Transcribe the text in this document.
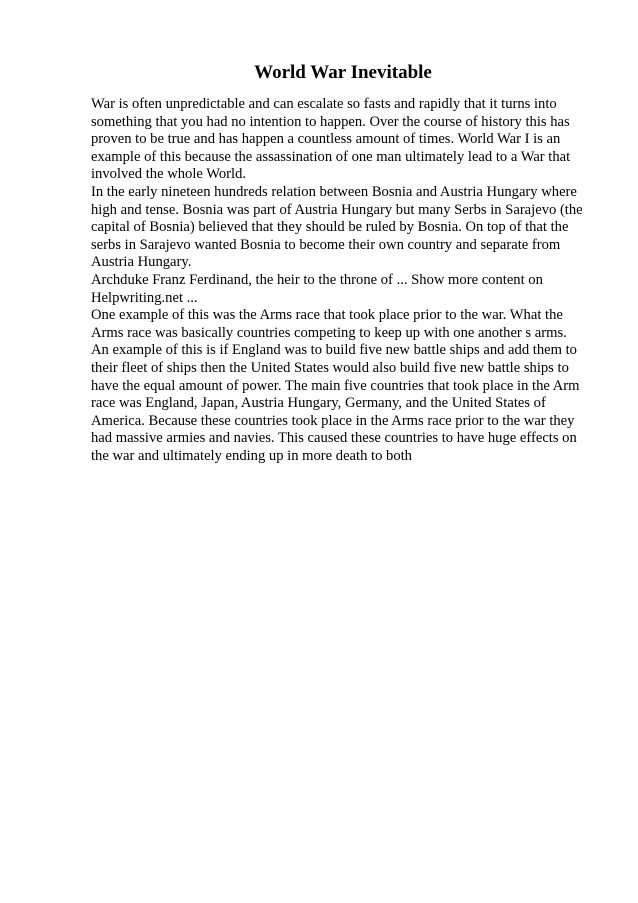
World War Inevitable
War is often unpredictable and can escalate so fasts and rapidly that it turns into
something that you had no intention to happen. Over the course of history this has
proven to be true and has happen a countless amount of times. World War I is an
example of this because the assassination of one man ultimately lead to a War that
involved the whole World.
In the early nineteen hundreds relation between Bosnia and Austria Hungary where
high and tense. Bosnia was part of Austria Hungary but many Serbs in Sarajevo (the
capital of Bosnia) believed that they should be ruled by Bosnia. On top of that the
serbs in Sarajevo wanted Bosnia to become their own country and separate from
Austria Hungary.
Archduke Franz Ferdinand, the heir to the throne of ... Show more content on
Helpwriting.net ...
One example of this was the Arms race that took place prior to the war. What the
Arms race was basically countries competing to keep up with one another s arms.
An example of this is if England was to build five new battle ships and add them to
their fleet of ships then the United States would also build five new battle ships to
have the equal amount of power. The main five countries that took place in the Arm
race was England, Japan, Austria Hungary, Germany, and the United States of
America. Because these countries took place in the Arms race prior to the war they
had massive armies and navies. This caused these countries to have huge effects on
the war and ultimately ending up in more death to both
